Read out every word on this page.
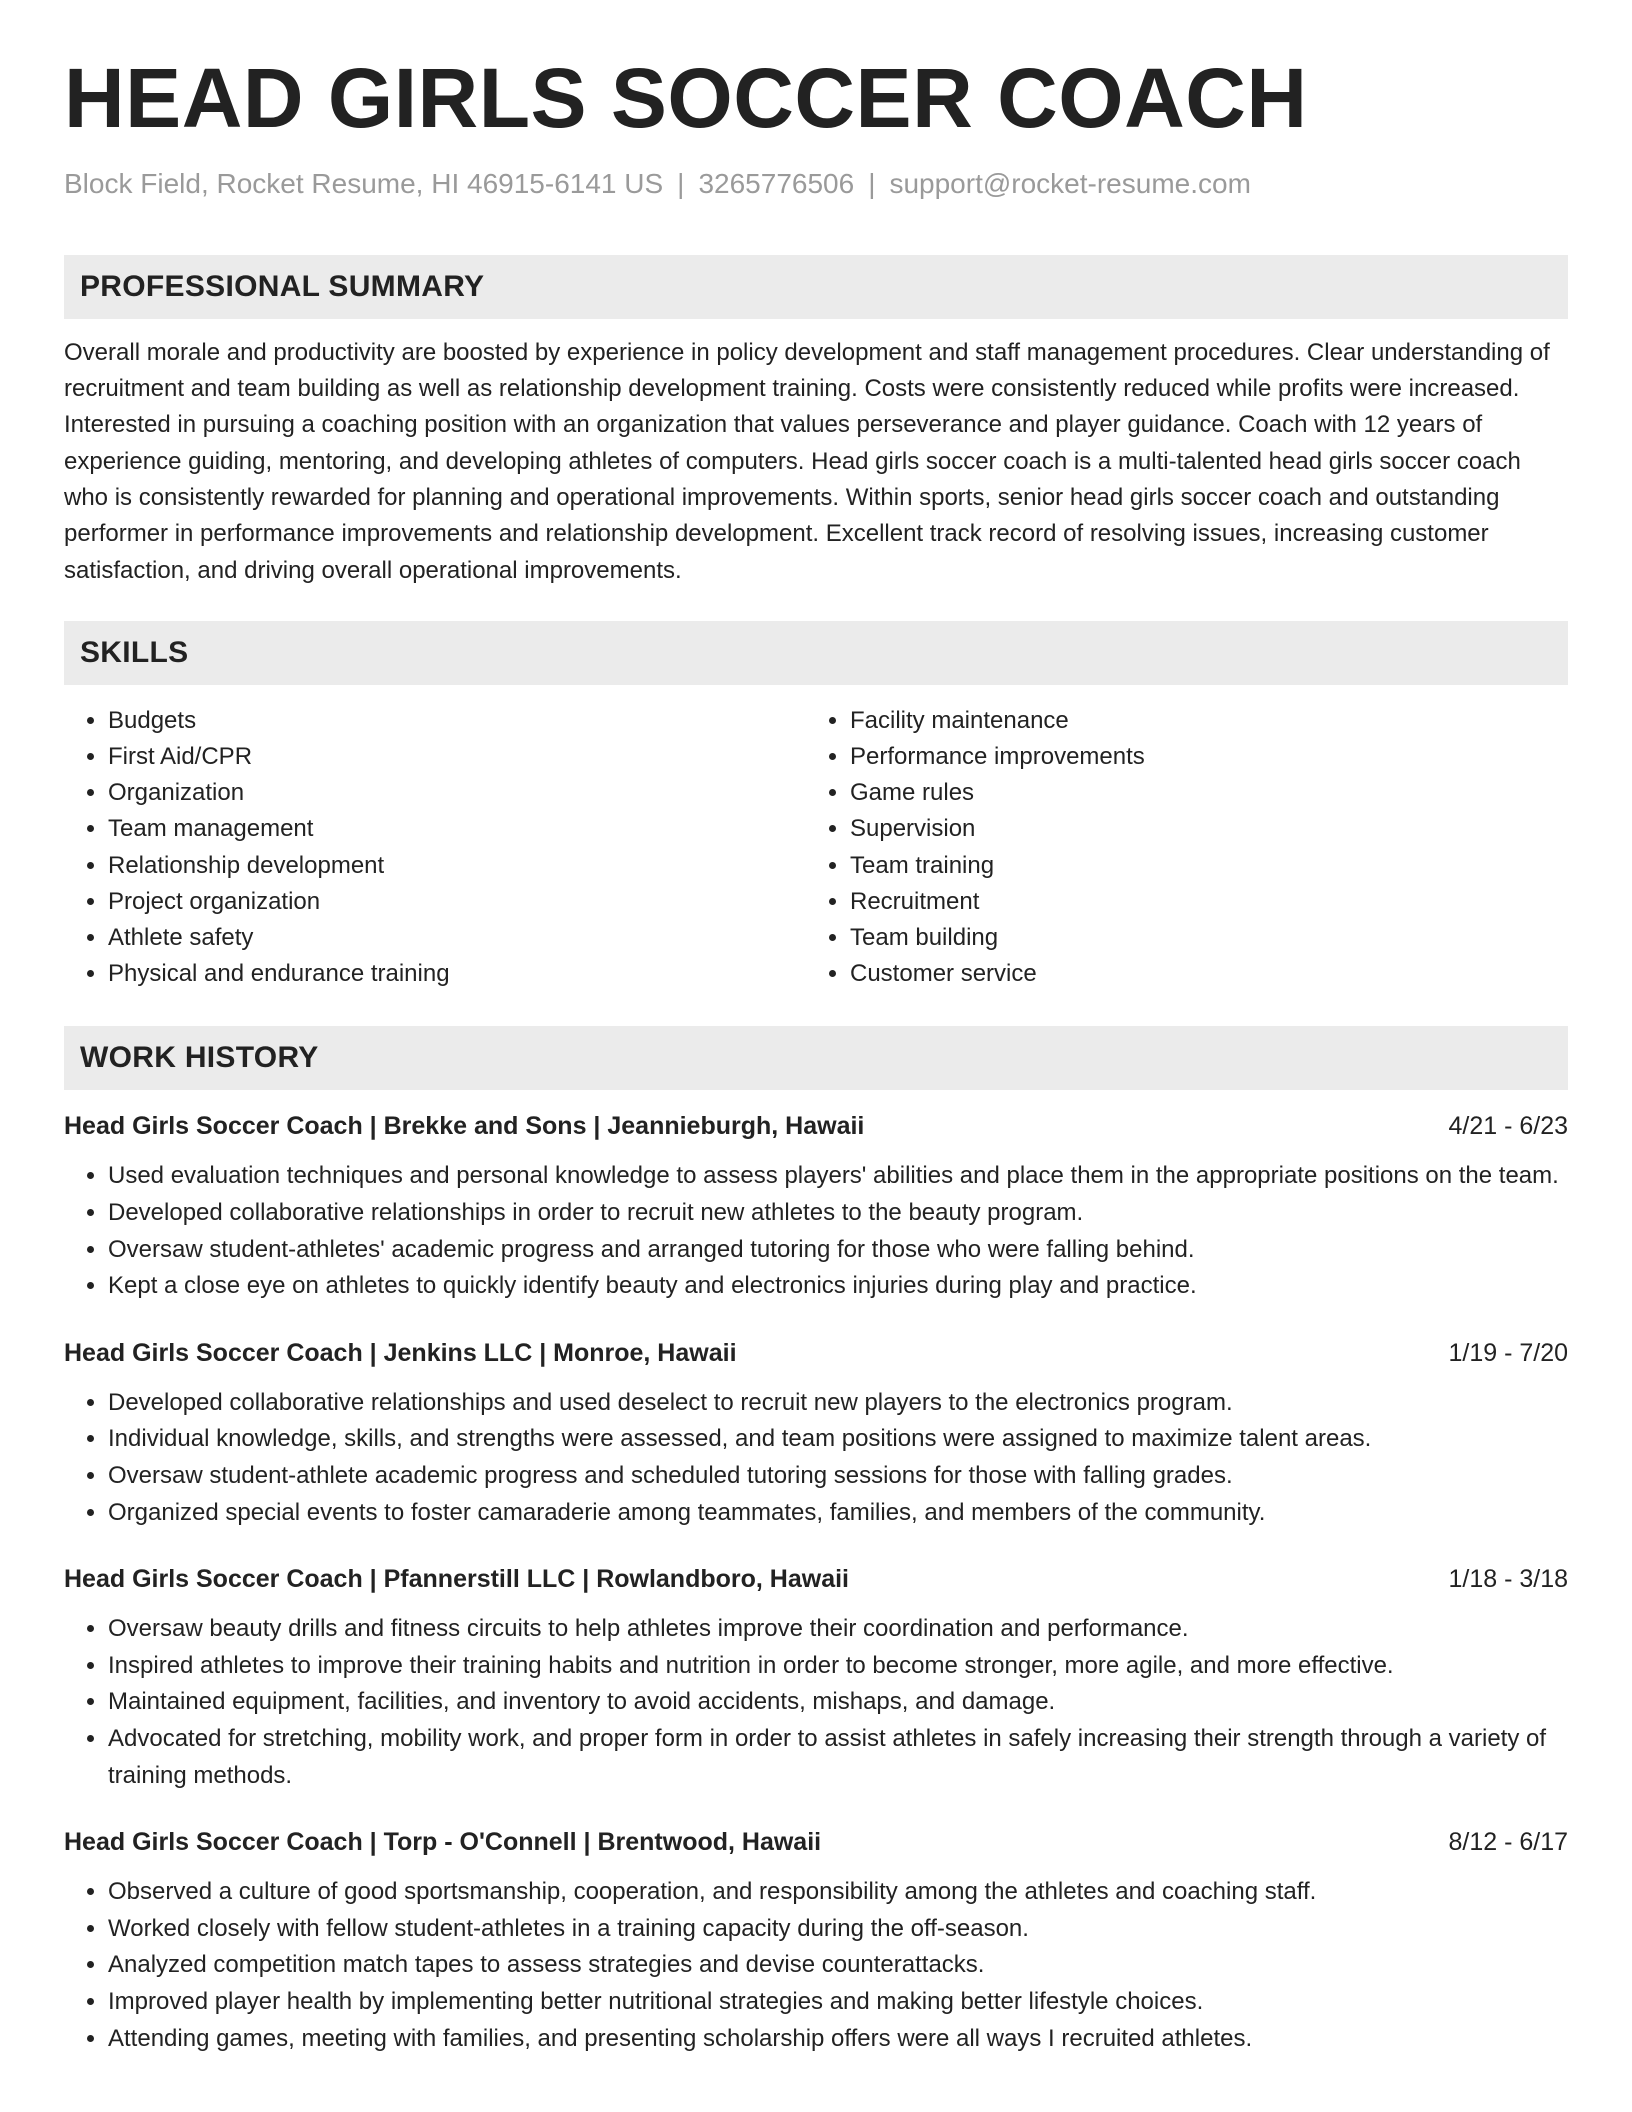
HEAD GIRLS SOCCER COACH
Block Field, Rocket Resume, HI 46915-6141 US | 3265776506 | support@rocket-resume.com
PROFESSIONAL SUMMARY

Overall morale and productivity are boosted by experience in policy development and staff management procedures. Clear understanding of recruitment and team building as well as relationship development training. Costs were consistently reduced while profits were increased. Interested in pursuing a coaching position with an organization that values perseverance and player guidance. Coach with 12 years of experience guiding, mentoring, and developing athletes of computers. Head girls soccer coach is a multi-talented head girls soccer coach who is consistently rewarded for planning and operational improvements. Within sports, senior head girls soccer coach and outstanding performer in performance improvements and relationship development. Excellent track record of resolving issues, increasing customer satisfaction, and driving overall operational improvements.

SKILLS
• Budgets
• First Aid/CPR
• Organization
• Team management
• Relationship development
• Project organization
• Athlete safety
• Physical and endurance training
• Facility maintenance
• Performance improvements
• Game rules
• Supervision
• Team training
• Recruitment
• Team building
• Customer service
WORK HISTORY
Head Girls Soccer Coach | Brekke and Sons | Jeannieburgh, Hawaii	4/21 - 6/23
• Used evaluation techniques and personal knowledge to assess players' abilities and place them in the appropriate positions on the team.
• Developed collaborative relationships in order to recruit new athletes to the beauty program.
• Oversaw student-athletes' academic progress and arranged tutoring for those who were falling behind.
• Kept a close eye on athletes to quickly identify beauty and electronics injuries during play and practice.
Head Girls Soccer Coach | Jenkins LLC | Monroe, Hawaii	1/19 - 7/20
• Developed collaborative relationships and used deselect to recruit new players to the electronics program.
• Individual knowledge, skills, and strengths were assessed, and team positions were assigned to maximize talent areas.
• Oversaw student-athlete academic progress and scheduled tutoring sessions for those with falling grades.
• Organized special events to foster camaraderie among teammates, families, and members of the community.
Head Girls Soccer Coach | Pfannerstill LLC | Rowlandboro, Hawaii	1/18 - 3/18
• Oversaw beauty drills and fitness circuits to help athletes improve their coordination and performance.
• Inspired athletes to improve their training habits and nutrition in order to become stronger, more agile, and more effective.
• Maintained equipment, facilities, and inventory to avoid accidents, mishaps, and damage.
• Advocated for stretching, mobility work, and proper form in order to assist athletes in safely increasing their strength through a variety of training methods.
Head Girls Soccer Coach | Torp - O'Connell | Brentwood, Hawaii	8/12 - 6/17
• Observed a culture of good sportsmanship, cooperation, and responsibility among the athletes and coaching staff.
• Worked closely with fellow student-athletes in a training capacity during the off-season.
• Analyzed competition match tapes to assess strategies and devise counterattacks.
• Improved player health by implementing better nutritional strategies and making better lifestyle choices.
• Attending games, meeting with families, and presenting scholarship offers were all ways I recruited athletes.
